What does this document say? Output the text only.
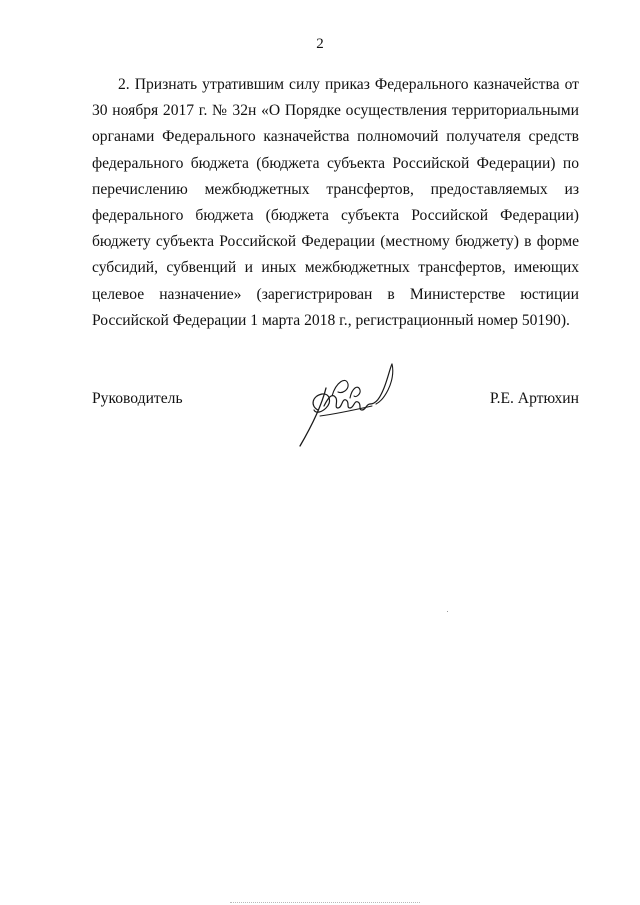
2

2. Признать утратившим силу приказ Федерального казначейства от 30 ноября 2017 г. № 32н «О Порядке осуществления территориальными органами Федерального казначейства полномочий получателя средств федерального бюджета (бюджета субъекта Российской Федерации) по перечислению межбюджетных трансфертов, предоставляемых из федерального бюджета (бюджета субъекта Российской Федерации) бюджету субъекта Российской Федерации (местному бюджету) в форме субсидий, субвенций и иных межбюджетных трансфертов, имеющих целевое назначение» (зарегистрирован в Министерстве юстиции Российской Федерации 1 марта 2018 г., регистрационный номер 50190).

Руководитель	Р.Е. Артюхин
